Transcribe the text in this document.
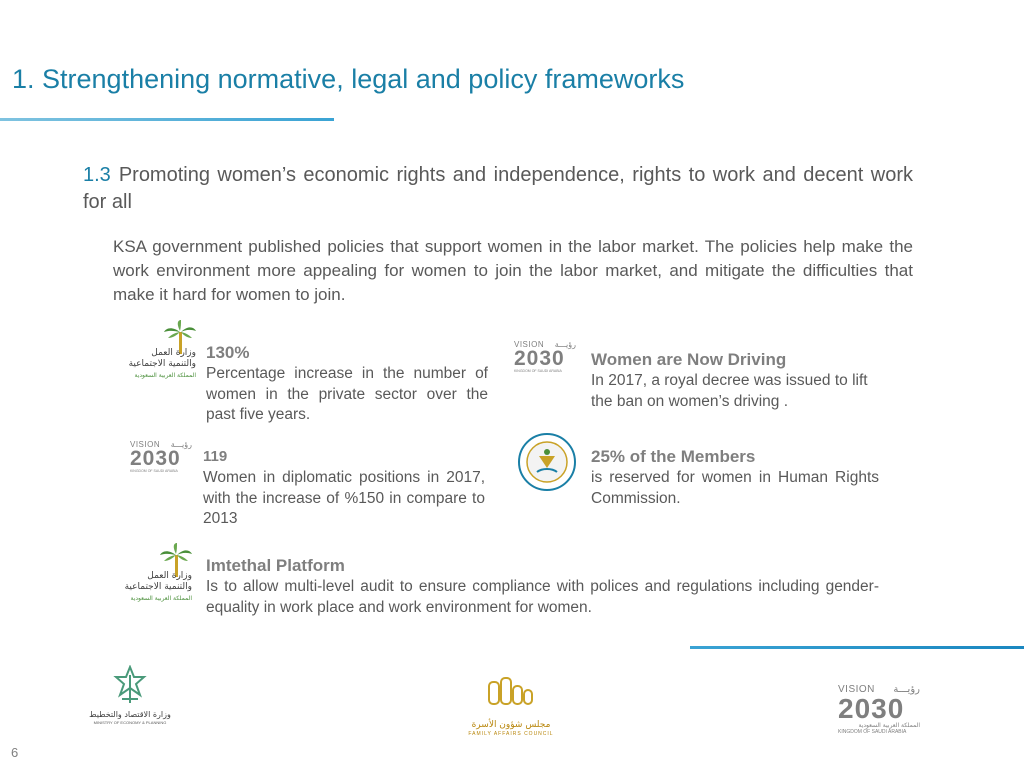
1. Strengthening normative, legal and policy frameworks
1.3 Promoting women’s economic rights and independence, rights to work and decent work for all
KSA government published policies that support women in the labor market. The policies help make the work environment more appealing for women to join the labor market, and mitigate the difficulties that make it hard for women to join.
وزارة العمل
والتنمية الاجتماعية
المملكة العربية السعودية
130%
Percentage increase in the number of women in the private sector over the past five years.
VISION رؤيـــة
2030
KINGDOM OF SAUDI ARABIA
Women are Now Driving
In 2017, a royal decree was issued to lift the ban on women’s driving .
VISION رؤيـــة
2030
KINGDOM OF SAUDI ARABIA
119
Women in diplomatic positions in 2017, with the increase of %150 in compare to 2013
25% of the Members
is reserved for women in Human Rights Commission.
وزارة العمل
والتنمية الاجتماعية
المملكة العربية السعودية
Imtethal Platform
Is to allow multi-level audit to ensure compliance with polices and regulations including gender-equality in work place and work environment for women.
وزارة الاقتصاد والتخطيط
MINISTRY OF ECONOMY & PLANNING	مجلس شؤون الأسرة
FAMILY AFFAIRS COUNCIL
VISION رؤيـــة
2030
المملكة العربية السعودية
KINGDOM OF SAUDI ARABIA
6
